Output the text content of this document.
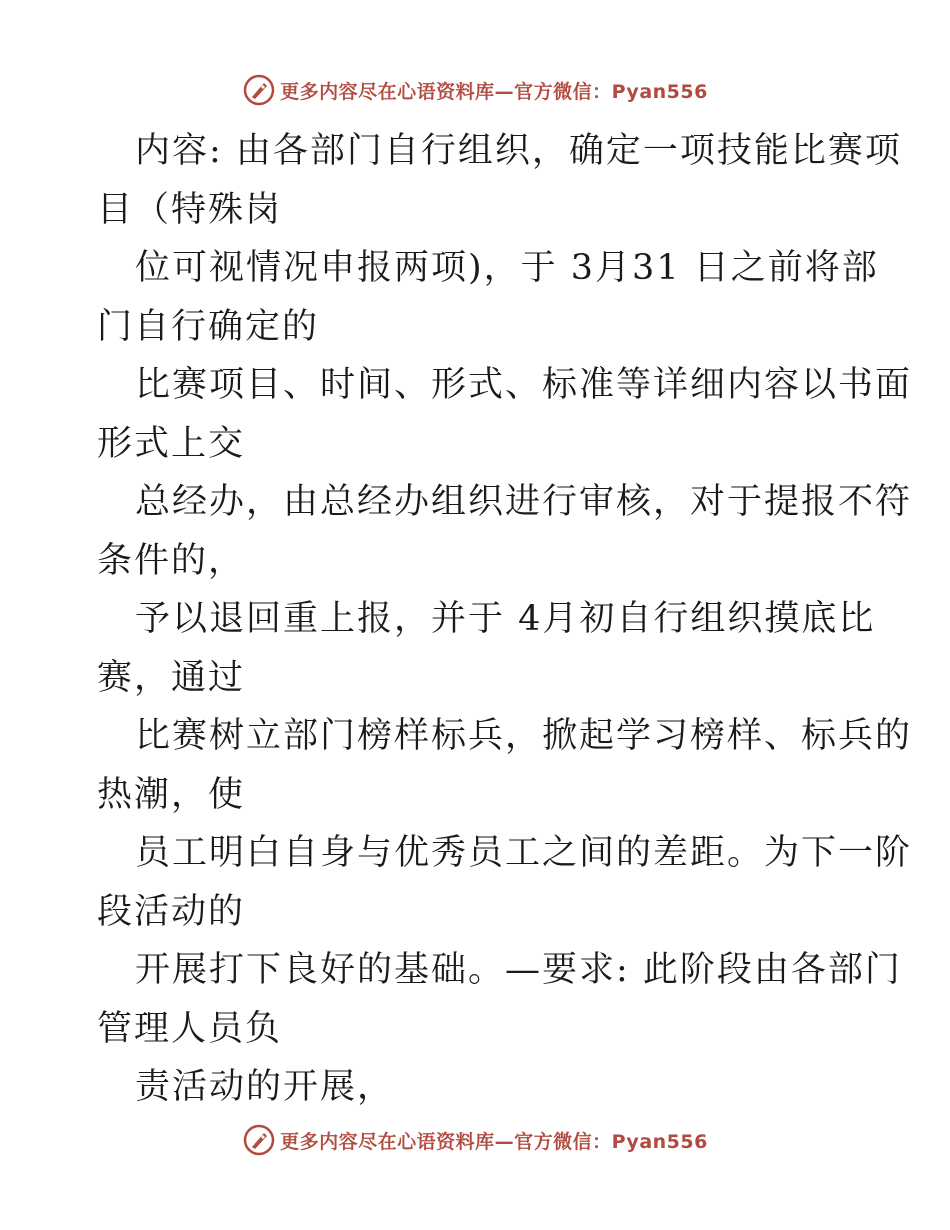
更多内容尽在心语资料库—官方微信：Pyan556
内容: 由各部门自行组织，确定一项技能比赛项
目（特殊岗
位可视情况申报两项)，于 3月31 日之前将部
门自行确定的
比赛项目、时间、形式、标准等详细内容以书面
形式上交
总经办，由总经办组织进行审核，对于提报不符
条件的，
予以退回重上报，并于 4月初自行组织摸底比
赛，通过
比赛树立部门榜样标兵，掀起学习榜样、标兵的
热潮，使
员工明白自身与优秀员工之间的差距。为下一阶
段活动的
开展打下良好的基础。—要求: 此阶段由各部门
管理人员负
责活动的开展，
更多内容尽在心语资料库—官方微信：Pyan556
